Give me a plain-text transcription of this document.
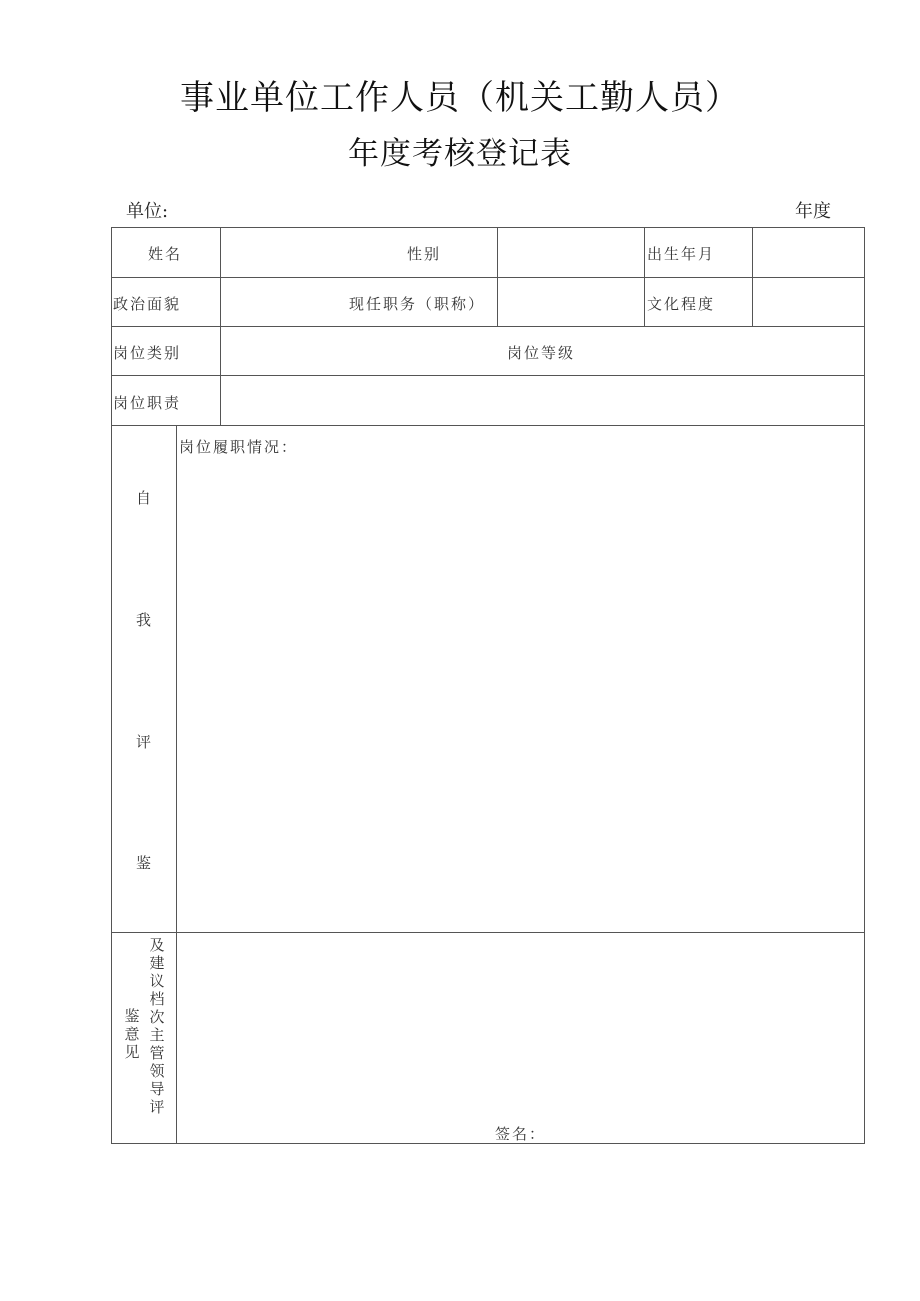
事业单位工作人员（机关工勤人员）
年度考核登记表
单位:	年度
姓名	性别	出生年月
政治面貌	现任职务（职称）	文化程度
岗位类别	岗位等级
岗位职责
自
我
评
鉴
岗位履职情况：
及建议档次主管领导评
鉴意见
签名：
